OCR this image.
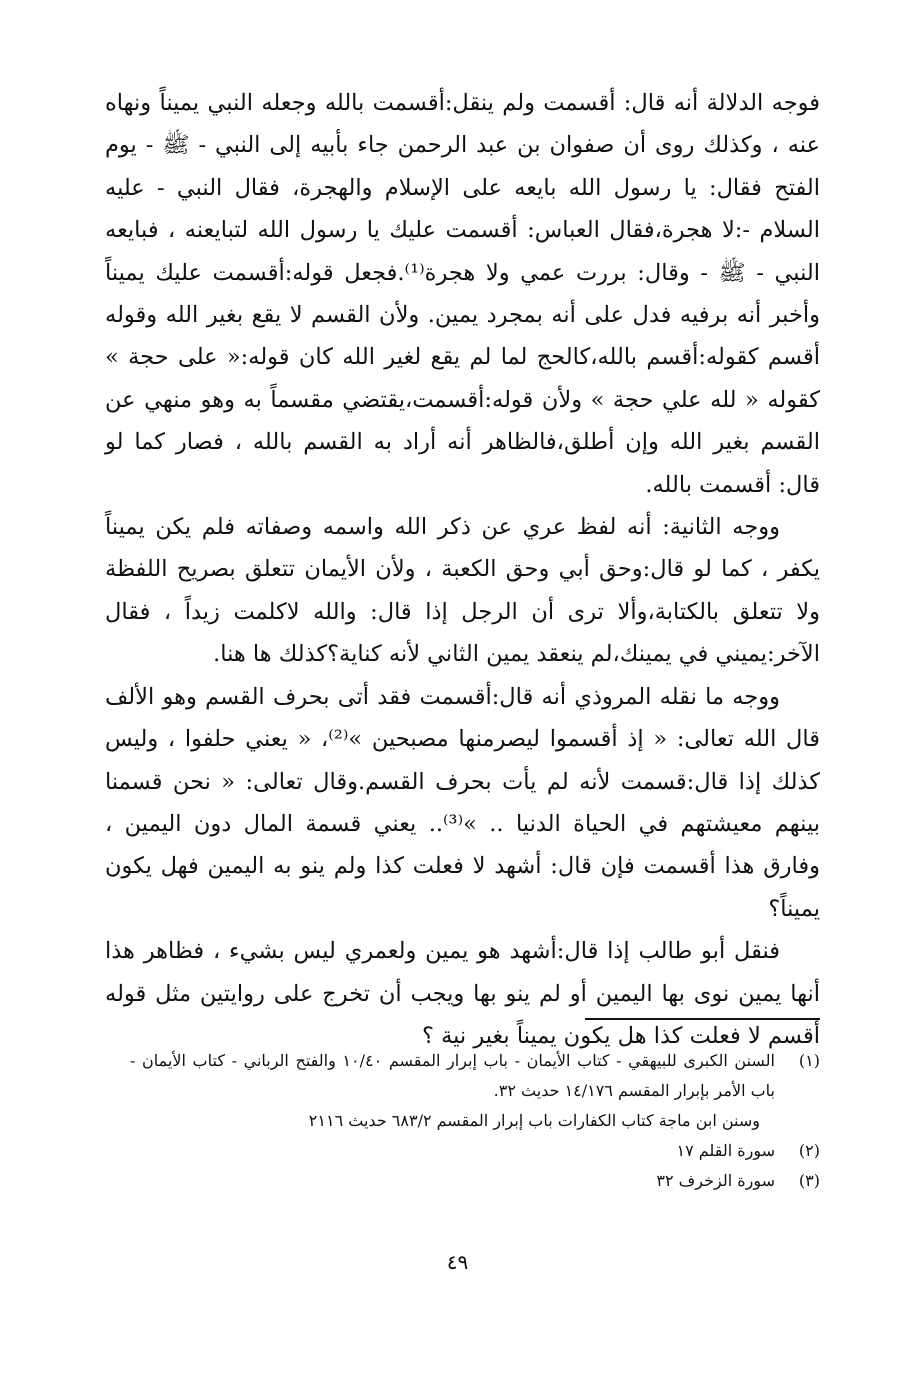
فوجه الدلالة أنه قال: أقسمت ولم ينقل:أقسمت بالله وجعله النبي يميناً ونهاه عنه ، وكذلك روى أن صفوان بن عبد الرحمن جاء بأبيه إلى النبي - ﷺ - يوم الفتح فقال: يا رسول الله بايعه على الإسلام والهجرة، فقال النبي - عليه السلام -:لا هجرة،فقال العباس: أقسمت عليك يا رسول الله لتبايعنه ، فبايعه النبي - ﷺ - وقال: بررت عمي ولا هجرة⁽¹⁾.فجعل قوله:أقسمت عليك يميناً وأخبر أنه برفيه فدل على أنه بمجرد يمين. ولأن القسم لا يقع بغير الله وقوله أقسم كقوله:أقسم بالله،كالحج لما لم يقع لغير الله كان قوله:« على حجة » كقوله « لله علي حجة » ولأن قوله:أقسمت،يقتضي مقسماً به وهو منهي عن القسم بغير الله وإن أطلق،فالظاهر أنه أراد به القسم بالله ، فصار كما لو قال: أقسمت بالله.

ووجه الثانية: أنه لفظ عري عن ذكر الله واسمه وصفاته فلم يكن يميناً يكفر ، كما لو قال:وحق أبي وحق الكعبة ، ولأن الأيمان تتعلق بصريح اللفظة ولا تتعلق بالكتابة،وألا ترى أن الرجل إذا قال: والله لاكلمت زيداً ، فقال الآخر:يميني في يمينك،لم ينعقد يمين الثاني لأنه كناية؟كذلك ها هنا.

ووجه ما نقله المروذي أنه قال:أقسمت فقد أتى بحرف القسم وهو الألف قال الله تعالى: « إذ أقسموا ليصرمنها مصبحين »⁽²⁾، « يعني حلفوا ، وليس كذلك إذا قال:قسمت لأنه لم يأت بحرف القسم.وقال تعالى: « نحن قسمنا بينهم معيشتهم في الحياة الدنيا .. »⁽³⁾.. يعني قسمة المال دون اليمين ، وفارق هذا أقسمت فإن قال: أشهد لا فعلت كذا ولم ينو به اليمين فهل يكون يميناً؟

فنقل أبو طالب إذا قال:أشهد هو يمين ولعمري ليس بشيء ، فظاهر هذا أنها يمين نوى بها اليمين أو لم ينو بها ويجب أن تخرج على روايتين مثل قوله أقسم لا فعلت كذا هل يكون يميناً بغير نية ؟

(١)
السنن الكبرى للبيهقي - كتاب الأيمان - باب إبرار المقسم ١٠/٤٠ والفتح الرباني - كتاب الأيمان - باب الأمر بإبرار المقسم ١٤/١٧٦ حديث ٣٢.
وسنن ابن ماجة كتاب الكفارات باب إبرار المقسم ٦٨٣/٢ حديث ٢١١٦
(٢)
سورة القلم ١٧
(٣)
سورة الزخرف ٣٢
٤٩
